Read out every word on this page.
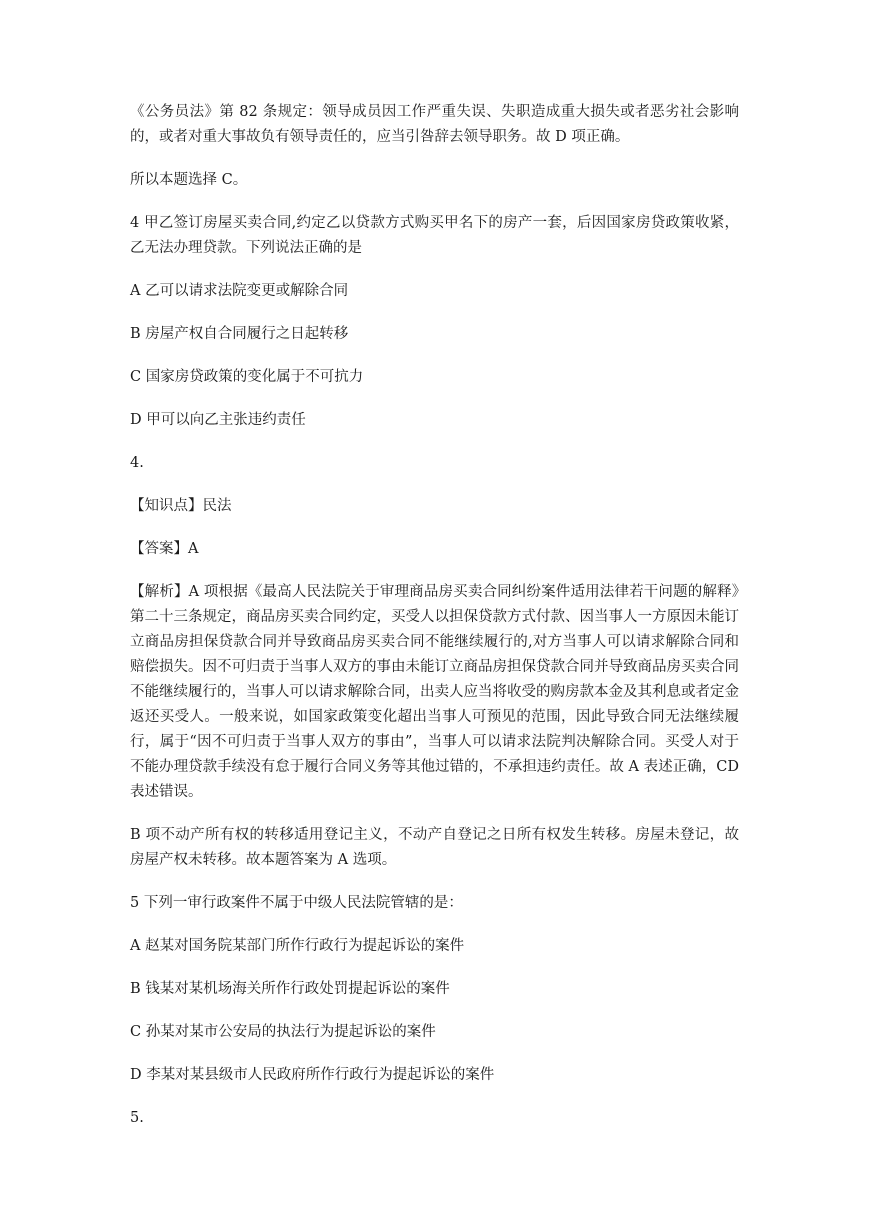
《公务员法》第 82 条规定：领导成员因工作严重失误、失职造成重大损失或者恶劣社会影响的，或者对重大事故负有领导责任的，应当引咎辞去领导职务。故 D 项正确。

所以本题选择 C。

4 甲乙签订房屋买卖合同,约定乙以贷款方式购买甲名下的房产一套，后因国家房贷政策收紧，乙无法办理贷款。下列说法正确的是

A 乙可以请求法院变更或解除合同

B 房屋产权自合同履行之日起转移

C 国家房贷政策的变化属于不可抗力

D 甲可以向乙主张违约责任

4.

【知识点】民法

【答案】A

【解析】A 项根据《最高人民法院关于审理商品房买卖合同纠纷案件适用法律若干问题的解释》第二十三条规定，商品房买卖合同约定，买受人以担保贷款方式付款、因当事人一方原因未能订立商品房担保贷款合同并导致商品房买卖合同不能继续履行的,对方当事人可以请求解除合同和赔偿损失。因不可归责于当事人双方的事由未能订立商品房担保贷款合同并导致商品房买卖合同不能继续履行的，当事人可以请求解除合同，出卖人应当将收受的购房款本金及其利息或者定金返还买受人。一般来说，如国家政策变化超出当事人可预见的范围，因此导致合同无法继续履行，属于“因不可归责于当事人双方的事由”，当事人可以请求法院判决解除合同。买受人对于不能办理贷款手续没有怠于履行合同义务等其他过错的，不承担违约责任。故 A 表述正确，CD 表述错误。

B 项不动产所有权的转移适用登记主义，不动产自登记之日所有权发生转移。房屋未登记，故房屋产权未转移。故本题答案为 A 选项。

5 下列一审行政案件不属于中级人民法院管辖的是：

A 赵某对国务院某部门所作行政行为提起诉讼的案件

B 钱某对某机场海关所作行政处罚提起诉讼的案件

C 孙某对某市公安局的执法行为提起诉讼的案件

D 李某对某县级市人民政府所作行政行为提起诉讼的案件

5.
